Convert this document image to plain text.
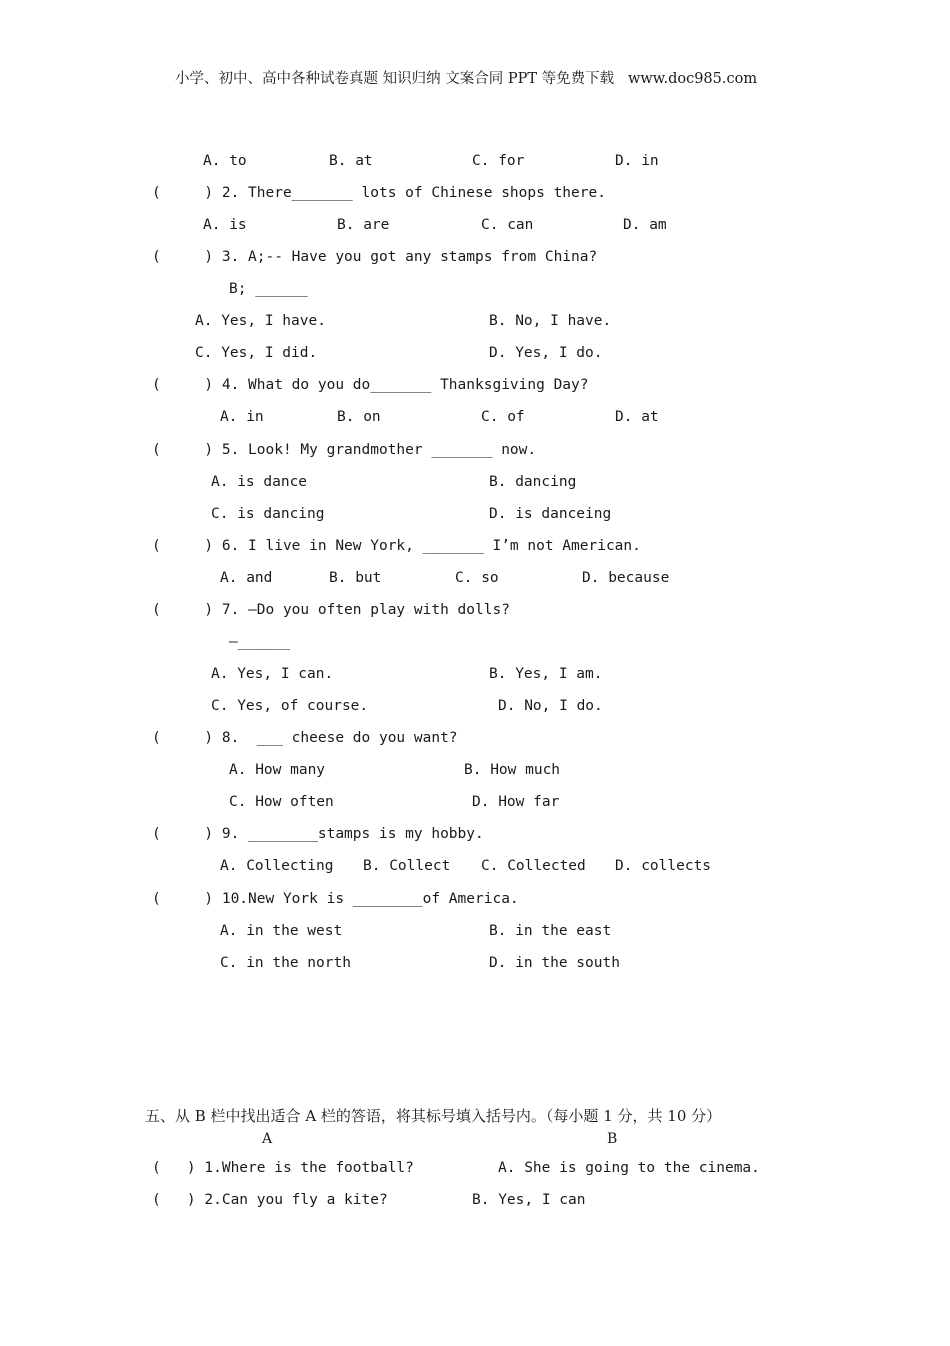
小学、初中、高中各种试卷真题 知识归纳 文案合同 PPT 等免费下载   www.doc985.com
A. to	B. at	C. for	D. in
(     ) 2. There_______ lots of Chinese shops there.
A. is	B. are	C. can	D. am
(     ) 3. A;-- Have you got any stamps from China?
B; ______
A. Yes, I have.	B. No, I have.
C. Yes, I did.	D. Yes, I do.
(     ) 4. What do you do_______ Thanksgiving Day?
A. in	B. on	C. of	D. at
(     ) 5. Look! My grandmother _______ now.
A. is dance	B. dancing
C. is dancing	D. is danceing
(     ) 6. I live in New York, _______ I’m not American.
A. and	B. but	C. so	D. because
(     ) 7. —Do you often play with dolls?
—______
A. Yes, I can.	B. Yes, I am.
C. Yes, of course.	D. No, I do.
(     ) 8.  ___ cheese do you want?
A. How many	B. How much
C. How often	D. How far
(     ) 9. ________stamps is my hobby.
A. Collecting B. Collect C. Collected D. collects
(     ) 10.New York is ________of America.
A. in the west	B. in the east
C. in the north	D. in the south
五、从 B 栏中找出适合 A 栏的答语，将其标号填入括号内。（每小题 1 分，共 10 分）
A	B
(   ) 1.Where is the football?	A. She is going to the cinema.
(   ) 2.Can you fly a kite?	B. Yes, I can
